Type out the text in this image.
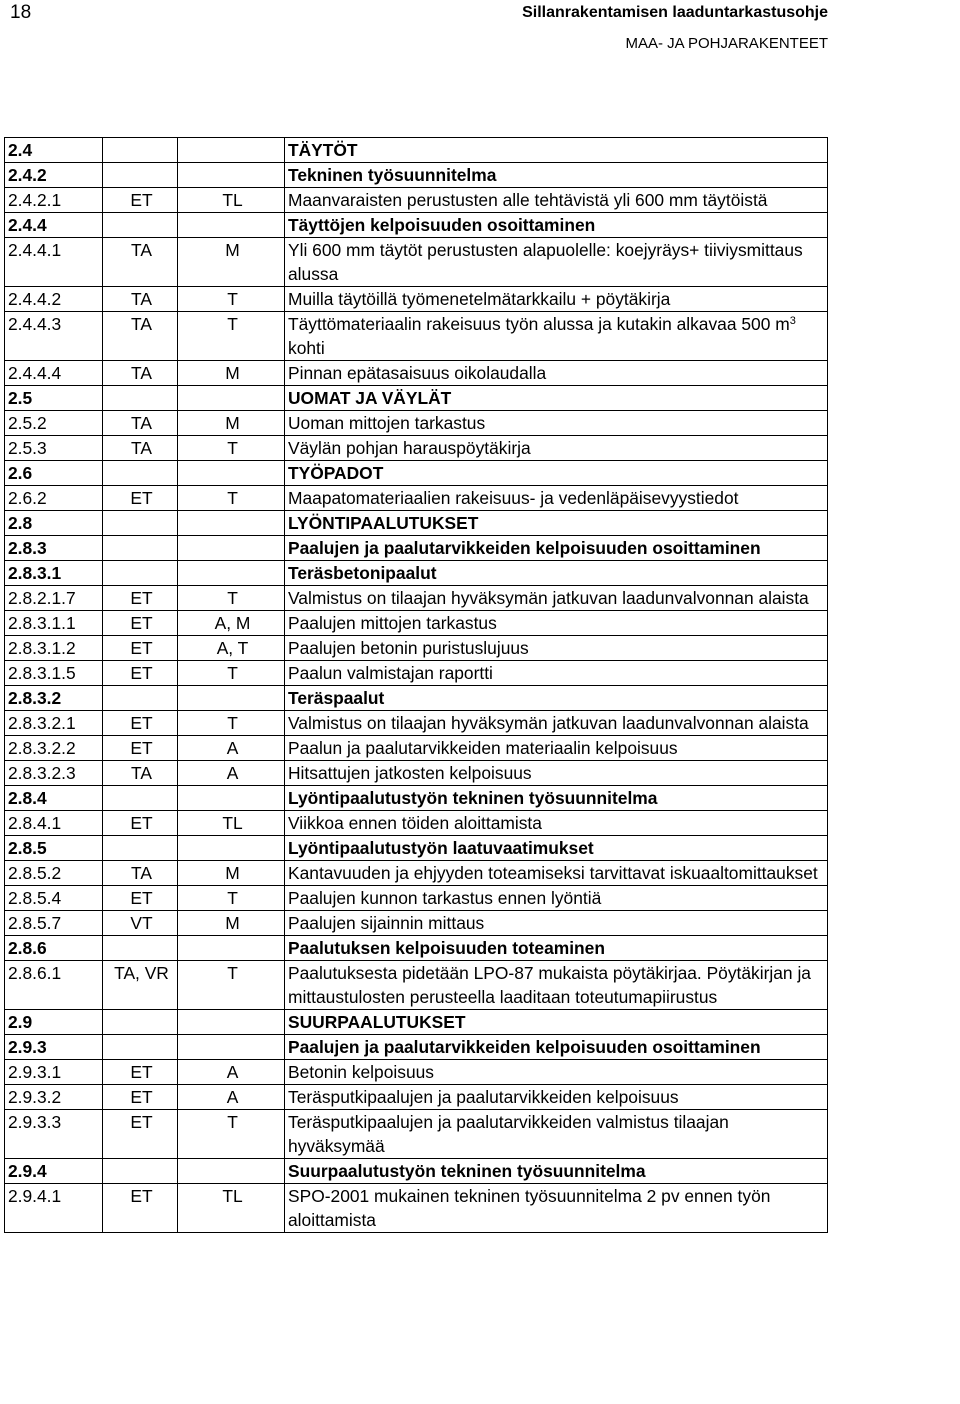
18	Sillanrakentamisen laaduntarkastusohje
MAA- JA POHJARAKENTEET
2.4			TÄYTÖT
2.4.2			Tekninen työsuunnitelma
2.4.2.1	ET	TL	Maanvaraisten perustusten alle tehtävistä yli 600 mm täytöistä
2.4.4			Täyttöjen kelpoisuuden osoittaminen
2.4.4.1	TA	M	Yli 600 mm täytöt perustusten alapuolelle: koejyräys+ tiiviysmittaus alussa
2.4.4.2	TA	T	Muilla täytöillä työmenetelmätarkkailu + pöytäkirja
2.4.4.3	TA	T	Täyttömateriaalin rakeisuus työn alussa ja kutakin alkavaa 500 $m^3$ kohti
2.4.4.4	TA	M	Pinnan epätasaisuus oikolaudalla
2.5			UOMAT JA VÄYLÄT
2.5.2	TA	M	Uoman mittojen tarkastus
2.5.3	TA	T	Väylän pohjan harauspöytäkirja
2.6			TYÖPADOT
2.6.2	ET	T	Maapatomateriaalien rakeisuus- ja vedenläpäisevyystiedot
2.8			LYÖNTIPAALUTUKSET
2.8.3			Paalujen ja paalutarvikkeiden kelpoisuuden osoittaminen
2.8.3.1			Teräsbetonipaalut
2.8.2.1.7	ET	T	Valmistus on tilaajan hyväksymän jatkuvan laadunvalvonnan alaista
2.8.3.1.1	ET	A, M	Paalujen mittojen tarkastus
2.8.3.1.2	ET	A, T	Paalujen betonin puristuslujuus
2.8.3.1.5	ET	T	Paalun valmistajan raportti
2.8.3.2			Teräspaalut
2.8.3.2.1	ET	T	Valmistus on tilaajan hyväksymän jatkuvan laadunvalvonnan alaista
2.8.3.2.2	ET	A	Paalun ja paalutarvikkeiden materiaalin kelpoisuus
2.8.3.2.3	TA	A	Hitsattujen jatkosten kelpoisuus
2.8.4			Lyöntipaalutustyön tekninen työsuunnitelma
2.8.4.1	ET	TL	Viikkoa ennen töiden aloittamista
2.8.5			Lyöntipaalutustyön laatuvaatimukset
2.8.5.2	TA	M	Kantavuuden ja ehjyyden toteamiseksi tarvittavat iskuaaltomittaukset
2.8.5.4	ET	T	Paalujen kunnon tarkastus ennen lyöntiä
2.8.5.7	VT	M	Paalujen sijainnin mittaus
2.8.6			Paalutuksen kelpoisuuden toteaminen
2.8.6.1	TA, VR	T	Paalutuksesta pidetään LPO-87 mukaista pöytäkirjaa. Pöytäkirjan ja mittaustulosten perusteella laaditaan toteutumapiirustus
2.9			SUURPAALUTUKSET
2.9.3			Paalujen ja paalutarvikkeiden kelpoisuuden osoittaminen
2.9.3.1	ET	A	Betonin kelpoisuus
2.9.3.2	ET	A	Teräsputkipaalujen ja paalutarvikkeiden kelpoisuus
2.9.3.3	ET	T	Teräsputkipaalujen ja paalutarvikkeiden valmistus tilaajan hyväksymää
2.9.4			Suurpaalutustyön tekninen työsuunnitelma
2.9.4.1	ET	TL	SPO-2001 mukainen tekninen työsuunnitelma 2 pv ennen työn aloittamista
